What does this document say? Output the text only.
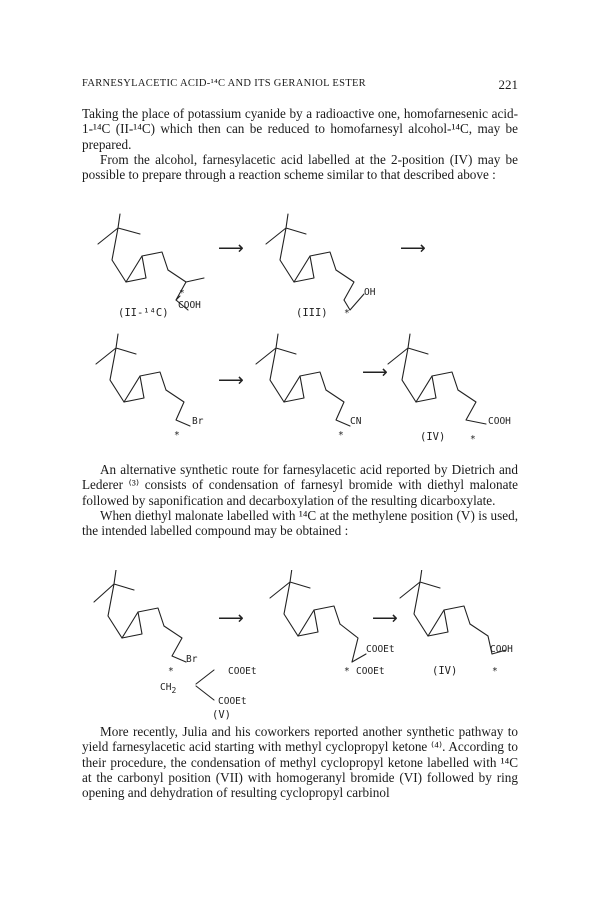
FARNESYLACETIC ACID-¹⁴C AND ITS GERANIOL ESTER	221

Taking the place of potassium cyanide by a radioactive one, homofarnesenic acid-1-¹⁴C (II-¹⁴C) which then can be reduced to homofarnesyl alcohol-¹⁴C, may be prepared.

From the alcohol, farnesylacetic acid labelled at the 2-position (IV) may be possible to prepare through a reaction scheme similar to that described above :

*
COOH
(II-¹⁴C)
⟶
OH
*
(III)
⟶
Br
*
⟶
CN
*
⟶
COOH
(IV)	*

An alternative synthetic route for farnesylacetic acid reported by Dietrich and Lederer ⁽³⁾ consists of condensation of farnesyl bromide with diethyl malonate followed by saponification and decarboxylation of the resulting dicarboxylate.

When diethyl malonate labelled with ¹⁴C at the methylene position (V) is used, the intended labelled compound may be obtained :

Br
⟶
*
$CH_2$
COOEt
COOEt
(V)
COOEt
* COOEt
⟶
COOH
(IV)	*

More recently, Julia and his coworkers reported another synthetic pathway to yield farnesylacetic acid starting with methyl cyclopropyl ketone ⁽⁴⁾. According to their procedure, the condensation of methyl cyclopropyl ketone labelled with ¹⁴C at the carbonyl position (VII) with homogeranyl bromide (VI) followed by ring opening and dehydration of resulting cyclopropyl carbinol
